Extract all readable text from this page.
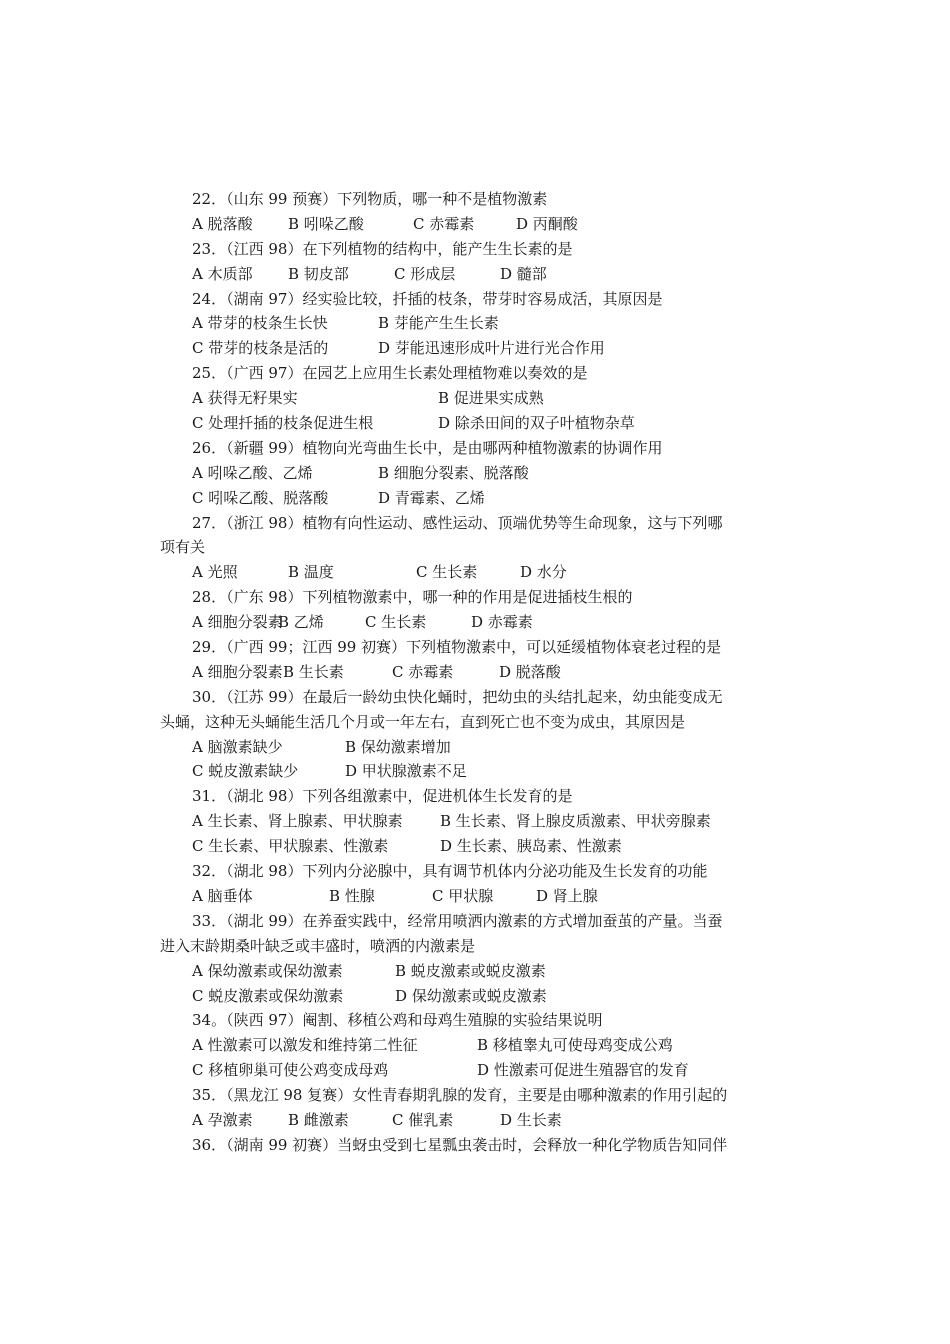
22．（山东 99 预赛）下列物质，哪一种不是植物激素
A 脱落酸 B 吲哚乙酸	C 赤霉素	D 丙酮酸
23．（江西 98）在下列植物的结构中，能产生生长素的是
A 木质部 B 韧皮部	C 形成层	D 髓部
24．（湖南 97）经实验比较，扦插的枝条，带芽时容易成活，其原因是
A 带芽的枝条生长快	B 芽能产生生长素
C 带芽的枝条是活的	D 芽能迅速形成叶片进行光合作用
25．（广西 97）在园艺上应用生长素处理植物难以奏效的是
A 获得无籽果实	B 促进果实成熟
C 处理扦插的枝条促进生根	D 除杀田间的双子叶植物杂草
26．（新疆 99）植物向光弯曲生长中，是由哪两种植物激素的协调作用
A 吲哚乙酸、乙烯	B 细胞分裂素、脱落酸
C 吲哚乙酸、脱落酸	D 青霉素、乙烯
27．（浙江 98）植物有向性运动、感性运动、顶端优势等生命现象，这与下列哪
项有关
A 光照	B 温度	C 生长素	D 水分
28．（广东 98）下列植物激素中，哪一种的作用是促进插枝生根的
A 细胞分裂素
B 乙烯	C 生长素	D 赤霉素
29．（广西 99；江西 99 初赛）下列植物激素中，可以延缓植物体衰老过程的是
A 细胞分裂素 B 生长素	C 赤霉素	D 脱落酸
30．（江苏 99）在最后一龄幼虫快化蛹时，把幼虫的头结扎起来，幼虫能变成无
头蛹，这种无头蛹能生活几个月或一年左右，直到死亡也不变为成虫，其原因是
A 脑激素缺少	B 保幼激素增加
C 蜕皮激素缺少	D 甲状腺激素不足
31．（湖北 98）下列各组激素中，促进机体生长发育的是
A 生长素、肾上腺素、甲状腺素 B 生长素、肾上腺皮质激素、甲状旁腺素
C 生长素、甲状腺素、性激素	D 生长素、胰岛素、性激素
32．（湖北 98）下列内分泌腺中，具有调节机体内分泌功能及生长发育的功能
A 脑垂体	B 性腺	C 甲状腺	D 肾上腺
33．（湖北 99）在养蚕实践中，经常用喷洒内激素的方式增加蚕茧的产量。当蚕
进入末龄期桑叶缺乏或丰盛时，喷洒的内激素是
A 保幼激素或保幼激素	B 蜕皮激素或蜕皮激素
C 蜕皮激素或保幼激素	D 保幼激素或蜕皮激素
34。（陕西 97）阉割、移植公鸡和母鸡生殖腺的实验结果说明
A 性激素可以激发和维持第二性征	B 移植睾丸可使母鸡变成公鸡
C 移植卵巢可使公鸡变成母鸡	D 性激素可促进生殖器官的发育
35．（黑龙江 98 复赛）女性青春期乳腺的发育，主要是由哪种激素的作用引起的
A 孕激素 B 雌激素	C 催乳素	D 生长素
36．（湖南 99 初赛）当蚜虫受到七星瓢虫袭击时，会释放一种化学物质告知同伴
